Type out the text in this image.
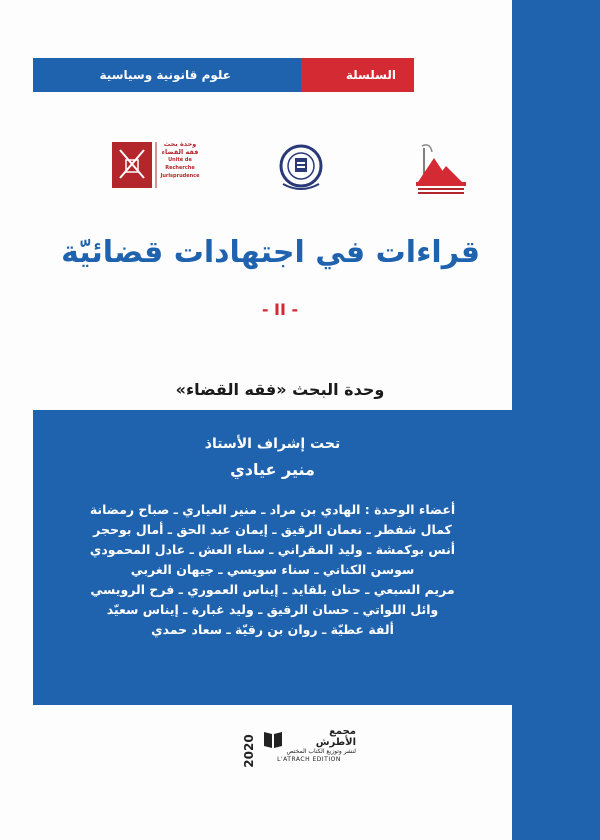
علوم قانونية وسياسية	السلسلة
وحدة بحث
فقه القضاء
Unité de Recherche
Jurisprudence
قراءات في اجتهادات قضائيّة
- II -
وحدة البحث «فقه القضاء»
تحت إشراف الأستاذ
منير عيادي
أعضاء الوحدة : الهادي بن مراد ـ منير العياري ـ صباح رمضانة
كمال شفطر ـ نعمان الرقيق ـ إيمان عبد الحق ـ أمال بوحجر
أنس بوكمشة ـ وليد المقراني ـ سناء العش ـ عادل المحمودي
سوسن الكناني ـ سناء سويسي ـ جيهان الغربي
مريم السبعي ـ حنان بلقايد ـ إيناس العموري ـ فرح الرويسي
وائل اللواتي ـ حسان الرقيق ـ وليد غبارة ـ إيناس سعيّد
ألفة عطيّة ـ روان بن رقيّة ـ سعاد حمدي
2020
مجمع الأطرش
لنشر وتوزيع الكتاب المختص
L'ATRACH EDITION
